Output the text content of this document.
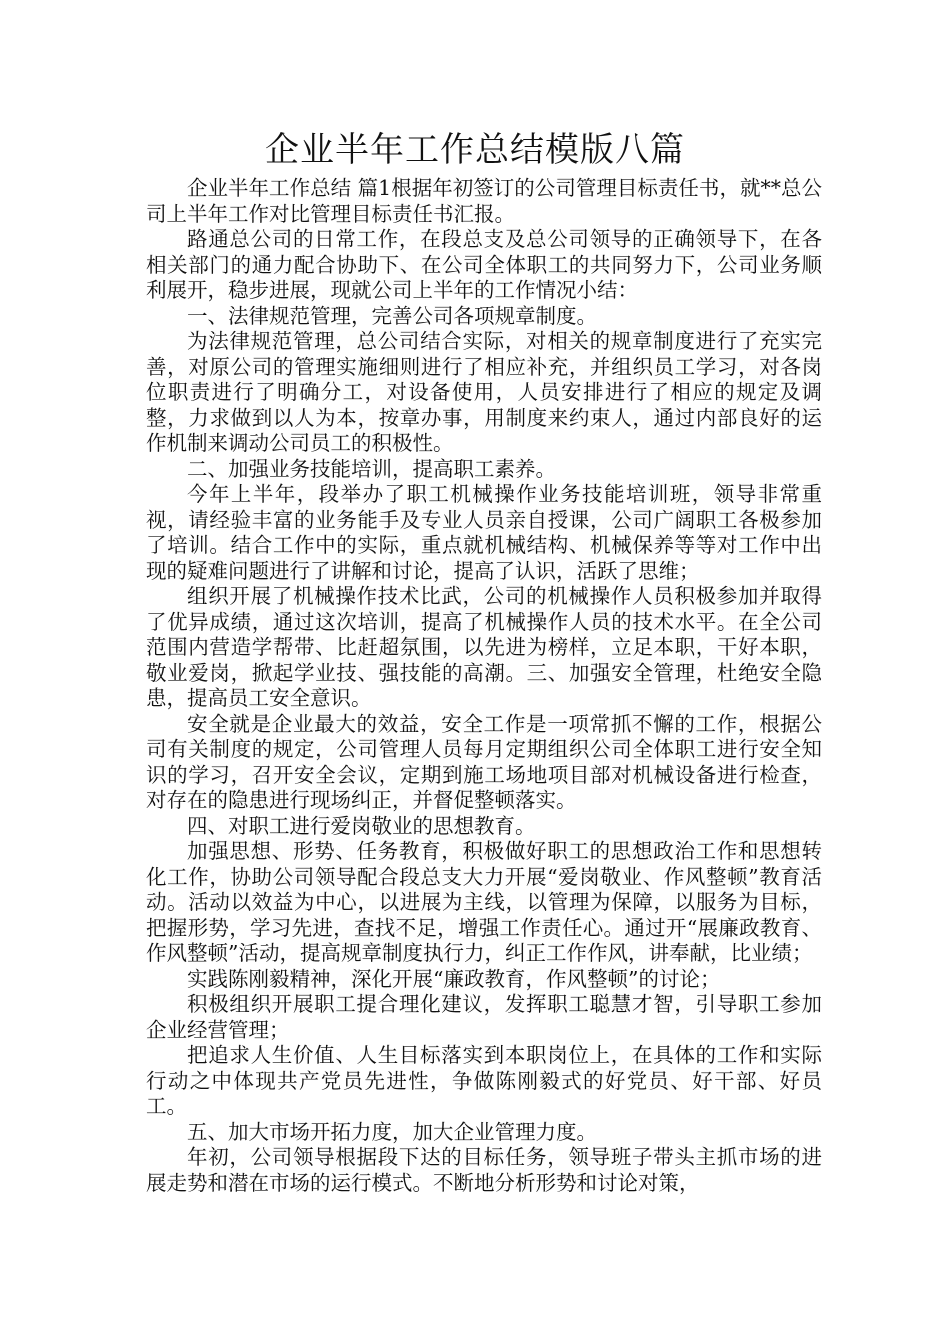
企业半年工作总结模版八篇

企业半年工作总结 篇1根据年初签订的公司管理目标责任书，就**总公司上半年工作对比管理目标责任书汇报。

路通总公司的日常工作，在段总支及总公司领导的正确领导下，在各相关部门的通力配合协助下、在公司全体职工的共同努力下，公司业务顺利展开，稳步进展，现就公司上半年的工作情况小结：

一、法律规范管理，完善公司各项规章制度。

为法律规范管理，总公司结合实际，对相关的规章制度进行了充实完善，对原公司的管理实施细则进行了相应补充，并组织员工学习，对各岗位职责进行了明确分工，对设备使用，人员安排进行了相应的规定及调整，力求做到以人为本，按章办事，用制度来约束人，通过内部良好的运作机制来调动公司员工的积极性。

二、加强业务技能培训，提高职工素养。

今年上半年，段举办了职工机械操作业务技能培训班，领导非常重视，请经验丰富的业务能手及专业人员亲自授课，公司广阔职工各极参加了培训。结合工作中的实际，重点就机械结构、机械保养等等对工作中出现的疑难问题进行了讲解和讨论，提高了认识，活跃了思维；

组织开展了机械操作技术比武，公司的机械操作人员积极参加并取得了优异成绩，通过这次培训，提高了机械操作人员的技术水平。在全公司范围内营造学帮带、比赶超氛围，以先进为榜样，立足本职，干好本职，敬业爱岗，掀起学业技、强技能的高潮。三、加强安全管理，杜绝安全隐患，提高员工安全意识。

安全就是企业最大的效益，安全工作是一项常抓不懈的工作，根据公司有关制度的规定，公司管理人员每月定期组织公司全体职工进行安全知识的学习，召开安全会议，定期到施工场地项目部对机械设备进行检查，对存在的隐患进行现场纠正，并督促整顿落实。

四、对职工进行爱岗敬业的思想教育。

加强思想、形势、任务教育，积极做好职工的思想政治工作和思想转化工作，协助公司领导配合段总支大力开展“爱岗敬业、作风整顿”教育活动。活动以效益为中心，以进展为主线，以管理为保障，以服务为目标，把握形势，学习先进，查找不足，增强工作责任心。通过开“展廉政教育、作风整顿”活动，提高规章制度执行力，纠正工作作风，讲奉献，比业绩；

实践陈刚毅精神，深化开展“廉政教育，作风整顿”的讨论；

积极组织开展职工提合理化建议，发挥职工聪慧才智，引导职工参加企业经营管理；

把追求人生价值、人生目标落实到本职岗位上，在具体的工作和实际行动之中体现共产党员先进性，争做陈刚毅式的好党员、好干部、好员工。

五、加大市场开拓力度，加大企业管理力度。

年初，公司领导根据段下达的目标任务，领导班子带头主抓市场的进展走势和潜在市场的运行模式。不断地分析形势和讨论对策，
